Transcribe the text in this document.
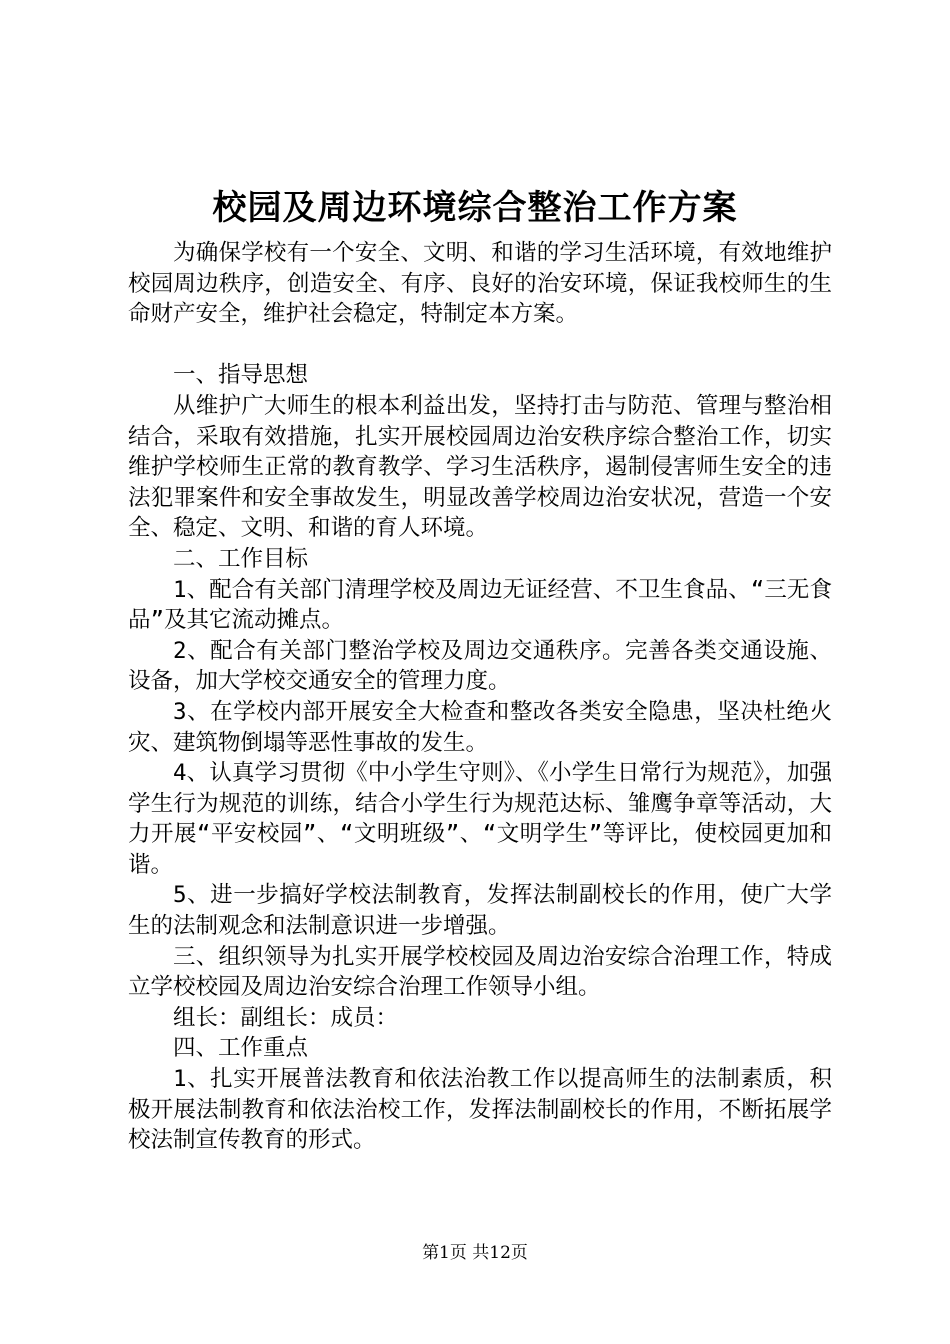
校园及周边环境综合整治工作方案

为确保学校有一个安全、文明、和谐的学习生活环境，有效地维护校园周边秩序，创造安全、有序、良好的治安环境，保证我校师生的生命财产安全，维护社会稳定，特制定本方案。

一、指导思想

从维护广大师生的根本利益出发，坚持打击与防范、管理与整治相结合，采取有效措施，扎实开展校园周边治安秩序综合整治工作，切实维护学校师生正常的教育教学、学习生活秩序，遏制侵害师生安全的违法犯罪案件和安全事故发生，明显改善学校周边治安状况，营造一个安全、稳定、文明、和谐的育人环境。

二、工作目标

1、配合有关部门清理学校及周边无证经营、不卫生食品、“三无食品”及其它流动摊点。

2、配合有关部门整治学校及周边交通秩序。完善各类交通设施、设备，加大学校交通安全的管理力度。

3、在学校内部开展安全大检查和整改各类安全隐患，坚决杜绝火灾、建筑物倒塌等恶性事故的发生。

4、认真学习贯彻《中小学生守则》、《小学生日常行为规范》，加强学生行为规范的训练，结合小学生行为规范达标、雏鹰争章等活动，大力开展“平安校园”、“文明班级”、“文明学生”等评比，使校园更加和谐。

5、进一步搞好学校法制教育，发挥法制副校长的作用，使广大学生的法制观念和法制意识进一步增强。

三、组织领导为扎实开展学校校园及周边治安综合治理工作，特成立学校校园及周边治安综合治理工作领导小组。

组长：副组长：成员：

四、工作重点

1、扎实开展普法教育和依法治教工作以提高师生的法制素质，积极开展法制教育和依法治校工作，发挥法制副校长的作用，不断拓展学校法制宣传教育的形式。

第1页 共12页
